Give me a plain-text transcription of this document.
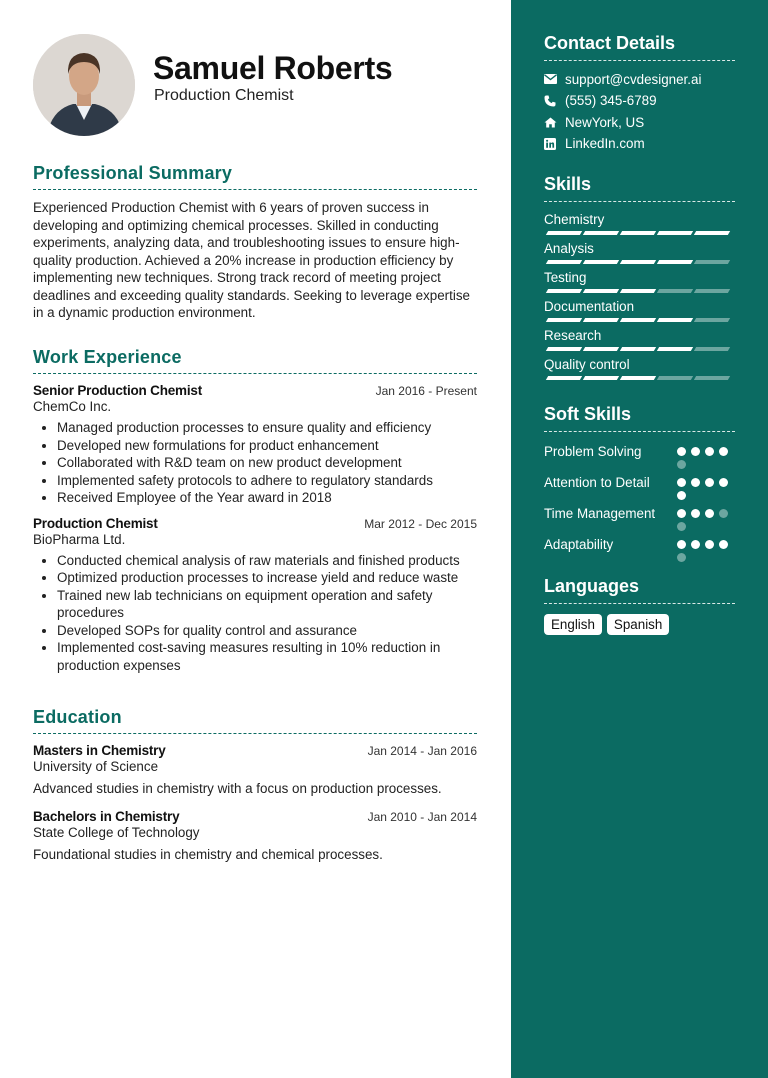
Samuel Roberts
Production Chemist
Professional Summary
Experienced Production Chemist with 6 years of proven success in developing and optimizing chemical processes. Skilled in conducting experiments, analyzing data, and troubleshooting issues to ensure high-quality production. Achieved a 20% increase in production efficiency by implementing new techniques. Strong track record of meeting project deadlines and exceeding quality standards. Seeking to leverage expertise in a dynamic production environment.
Work Experience
Senior Production Chemist	Jan 2016 - Present
ChemCo Inc.
Managed production processes to ensure quality and efficiency
Developed new formulations for product enhancement
Collaborated with R&D team on new product development
Implemented safety protocols to adhere to regulatory standards
Received Employee of the Year award in 2018
Production Chemist	Mar 2012 - Dec 2015
BioPharma Ltd.
Conducted chemical analysis of raw materials and finished products
Optimized production processes to increase yield and reduce waste
Trained new lab technicians on equipment operation and safety procedures
Developed SOPs for quality control and assurance
Implemented cost-saving measures resulting in 10% reduction in production expenses
Education
Masters in Chemistry	Jan 2014 - Jan 2016
University of Science
Advanced studies in chemistry with a focus on production processes.
Bachelors in Chemistry	Jan 2010 - Jan 2014
State College of Technology
Foundational studies in chemistry and chemical processes.
Contact Details
support@cvdesigner.ai
(555) 345-6789
NewYork, US
LinkedIn.com
Skills
Chemistry
Analysis
Testing
Documentation
Research
Quality control
Soft Skills
Problem Solving
Attention to Detail
Time Management
Adaptability
Languages
English	Spanish
